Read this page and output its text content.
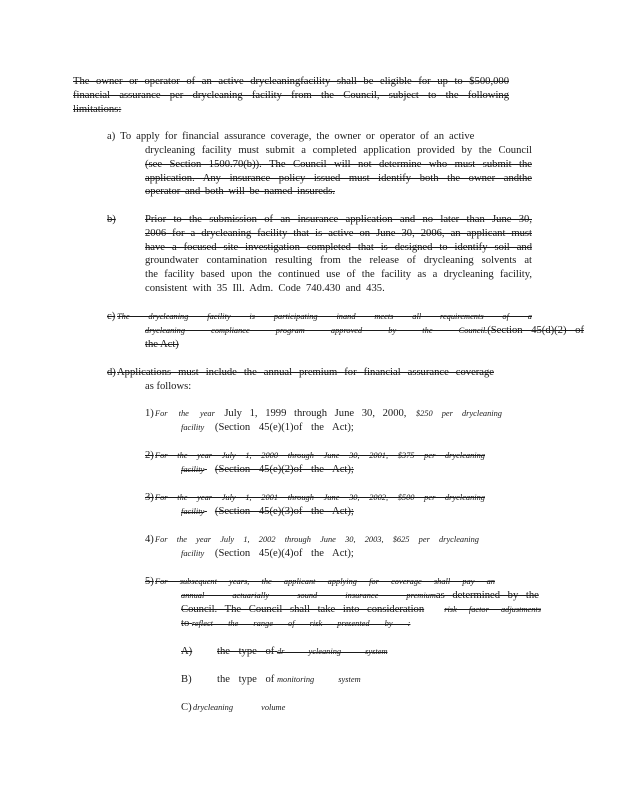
The owner or operator of an active drycleaningfacility shall be eligible for up to $500,000
financial assurance per drycleaning facility from the Council, subject to the following
limitations:
a) To apply for financial assurance coverage, the owner or operator of an active
drycleaning facility must submit a completed application provided by the Council
(see Section 1500.70(b)). The Council will not determine who must submit the
application. Any insurance policy issued must identify both the owner andthe
operator and both will be named insureds.
b)	Prior to the submission of an insurance application and no later than June 30,
2006 for a drycleaning facility that is active on June 30, 2006, an applicant must
have a focused site investigation completed that is designed to identify soil and
groundwater contamination resulting from the release of drycleaning solvents at
the facility based upon the continued use of the facility as a drycleaning facility,
consistent with 35 Ill. Adm. Code 740.430 and 435.
c) The drycleaning facility is participating inand meets all requirements of a
drycleaning compliance program approved by the Council. (Section 45(d)(2) of
the Act)
d) Applications must include the annual premium for financial assurance coverage
as follows:
1) For the year July 1, 1999 through June 30, 2000, $250 per drycleaning
facility (Section 45(e)(1)of the Act);
2) For the year July 1, 2000 through June 30, 2001, $375 per drycleaning
facility (Section 45(e)(2)of the Act);
3) For the year July 1, 2001 through June 30, 2002, $500 per drycleaning
facility (Section 45(e)(3)of the Act);
4) For the year July 1, 2002 through June 30, 2003, $625 per drycleaning
facility (Section 45(e)(4)of the Act);
5) For subsequent years, the applicant applying for coverage shall pay an
annual actuarially sound insurance premium as determined by the
Council. The Council shall take into consideration risk factor adjustments
to reflect the range of risk presented by :
A) the type of dr ycleaning system
B) the type of monitoring system
C) drycleaning volume
